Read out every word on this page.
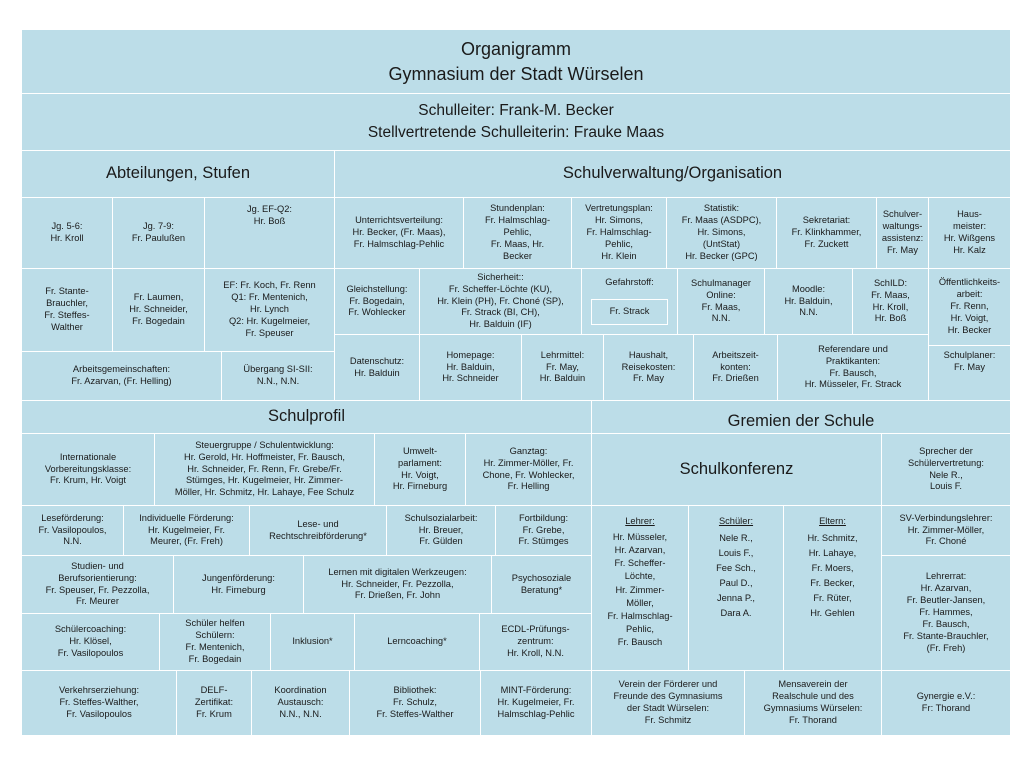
Organigramm
Gymnasium der Stadt Würselen
Schulleiter: Frank-M. Becker
Stellvertretende Schulleiterin: Frauke Maas
Abteilungen, Stufen	Schulverwaltung/Organisation
Jg. 5-6:
Hr. Kroll
Jg. 7-9:
Fr. Paulußen
Jg. EF-Q2:
Hr. Boß
Fr. Stante-
Brauchler,
Fr. Steffes-
Walther
Fr. Laumen,
Hr. Schneider,
Fr. Bogedain
EF: Fr. Koch, Fr. Renn
Q1: Fr. Mentenich,
Hr. Lynch
Q2: Hr. Kugelmeier,
Fr. Speuser
Arbeitsgemeinschaften:
Fr. Azarvan, (Fr. Helling)
Übergang SI-SII:
N.N., N.N.
Unterrichtsverteilung:
Hr. Becker, (Fr. Maas),
Fr. Halmschlag-Pehlic
Stundenplan:
Fr. Halmschlag-
Pehlic,
Fr. Maas, Hr.
Becker
Vertretungsplan:
Hr. Simons,
Fr. Halmschlag-
Pehlic,
Hr. Klein
Statistik:
Fr. Maas (ASDPC),
Hr. Simons,
(UntStat)
Hr. Becker (GPC)
Sekretariat:
Fr. Klinkhammer,
Fr. Zuckett
Schulver-
waltungs-
assistenz:
Fr. May
Haus-
meister:
Hr. Wißgens
Hr. Kalz
Gleichstellung:
Fr. Bogedain,
Fr. Wohlecker
Sicherheit::
Fr. Scheffer-Löchte (KU),
Hr. Klein (PH), Fr. Choné (SP),
Fr. Strack (BI, CH),
Hr. Balduin (IF)
Gefahrstoff:
Fr. Strack
Schulmanager
Online:
Fr. Maas,
N.N.
Moodle:
Hr. Balduin,
N.N.
SchILD:
Fr. Maas,
Hr. Kroll,
Hr. Boß
Öffentlichkeits-
arbeit:
Fr. Renn,
Hr. Voigt,
Hr. Becker
Datenschutz:
Hr. Balduin
Homepage:
Hr. Balduin,
Hr. Schneider
Lehrmittel:
Fr. May,
Hr. Balduin
Haushalt,
Reisekosten:
Fr. May
Arbeitszeit-
konten:
Fr. Drießen
Referendare und
Praktikanten:
Fr. Bausch,
Hr. Müsseler, Fr. Strack
Schulplaner:
Fr. May
Schulprofil	Gremien der Schule
Internationale
Vorbereitungsklasse:
Fr. Krum, Hr. Voigt
Steuergruppe / Schulentwicklung:
Hr. Gerold, Hr. Hoffmeister, Fr. Bausch,
Hr. Schneider, Fr. Renn, Fr. Grebe/Fr.
Stümges, Hr. Kugelmeier, Hr. Zimmer-
Möller, Hr. Schmitz, Hr. Lahaye, Fee Schulz
Umwelt-
parlament:
Hr. Voigt,
Hr. Firneburg
Ganztag:
Hr. Zimmer-Möller, Fr.
Chone, Fr. Wohlecker,
Fr. Helling
Leseförderung:
Fr. Vasilopoulos,
N.N.
Individuelle Förderung:
Hr. Kugelmeier, Fr.
Meurer, (Fr. Freh)
Lese- und
Rechtschreibförderung*
Schulsozialarbeit:
Hr. Breuer,
Fr. Gülden
Fortbildung:
Fr. Grebe,
Fr. Stümges
Studien- und
Berufsorientierung:
Fr. Speuser, Fr. Pezzolla,
Fr. Meurer
Jungenförderung:
Hr. Firneburg
Lernen mit digitalen Werkzeugen:
Hr. Schneider, Fr. Pezzolla,
Fr. Drießen, Fr. John
Psychosoziale
Beratung*
Schülercoaching:
Hr. Klösel,
Fr. Vasilopoulos
Schüler helfen
Schülern:
Fr. Mentenich,
Fr. Bogedain
Inklusion*	Lerncoaching*
ECDL-Prüfungs-
zentrum:
Hr. Kroll, N.N.
Verkehrserziehung:
Fr. Steffes-Walther,
Fr. Vasilopoulos
DELF-
Zertifikat:
Fr. Krum
Koordination
Austausch:
N.N., N.N.
Bibliothek:
Fr. Schulz,
Fr. Steffes-Walther
MINT-Förderung:
Hr. Kugelmeier, Fr.
Halmschlag-Pehlic
Schulkonferenz
Sprecher der
Schülervertretung:
Nele R.,
Louis F.
Lehrer:
Hr. Müsseler,
Hr. Azarvan,
Fr. Scheffer-
Löchte,
Hr. Zimmer-
Möller,
Fr. Halmschlag-
Pehlic,
Fr. Bausch
Schüler:
Nele R.,
Louis F.,
Fee Sch.,
Paul D.,
Jenna P.,
Dara A.
Eltern:
Hr. Schmitz,
Hr. Lahaye,
Fr. Moers,
Fr. Becker,
Fr. Rüter,
Hr. Gehlen
SV-Verbindungslehrer:
Hr. Zimmer-Möller,
Fr. Choné
Lehrerrat:
Hr. Azarvan,
Fr. Beutler-Jansen,
Fr. Hammes,
Fr. Bausch,
Fr. Stante-Brauchler,
(Fr. Freh)
Verein der Förderer und
Freunde des Gymnasiums
der Stadt Würselen:
Fr. Schmitz
Mensaverein der
Realschule und des
Gymnasiums Würselen:
Fr. Thorand
Gynergie e.V.:
Fr: Thorand
